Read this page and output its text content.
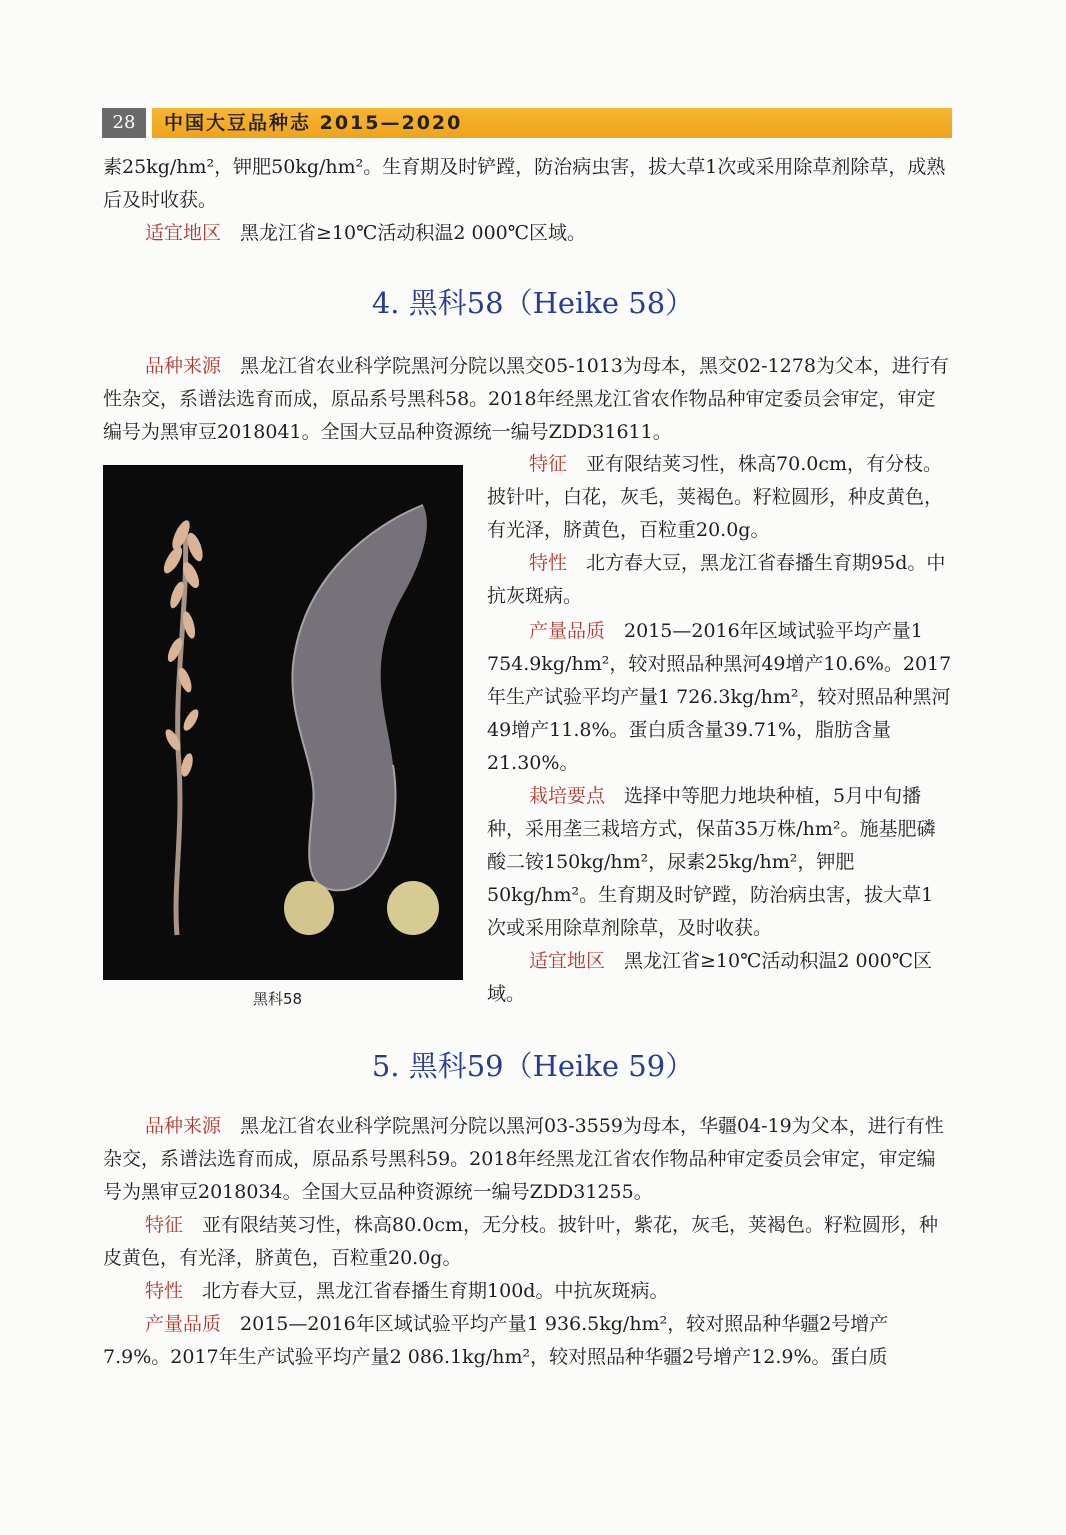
28	中国大豆品种志 2015—2020

素25kg/hm²，钾肥50kg/hm²。生育期及时铲蹚，防治病虫害，拔大草1次或采用除草剂除草，成熟后及时收获。

适宜地区  黑龙江省≥10℃活动积温2 000℃区域。

4. 黑科58（Heike 58）

品种来源  黑龙江省农业科学院黑河分院以黑交05-1013为母本，黑交02-1278为父本，进行有性杂交，系谱法选育而成，原品系号黑科58。2018年经黑龙江省农作物品种审定委员会审定，审定编号为黑审豆2018041。全国大豆品种资源统一编号ZDD31611。

黑科58

特征  亚有限结荚习性，株高70.0cm，有分枝。披针叶，白花，灰毛，荚褐色。籽粒圆形，种皮黄色，有光泽，脐黄色，百粒重20.0g。

特性  北方春大豆，黑龙江省春播生育期95d。中抗灰斑病。

产量品质  2015—2016年区域试验平均产量1 754.9kg/hm²，较对照品种黑河49增产10.6%。2017年生产试验平均产量1 726.3kg/hm²，较对照品种黑河49增产11.8%。蛋白质含量39.71%，脂肪含量21.30%。

栽培要点  选择中等肥力地块种植，5月中旬播种，采用垄三栽培方式，保苗35万株/hm²。施基肥磷酸二铵150kg/hm²，尿素25kg/hm²，钾肥50kg/hm²。生育期及时铲蹚，防治病虫害，拔大草1次或采用除草剂除草，及时收获。

适宜地区  黑龙江省≥10℃活动积温2 000℃区域。

5. 黑科59（Heike 59）

品种来源  黑龙江省农业科学院黑河分院以黑河03-3559为母本，华疆04-19为父本，进行有性杂交，系谱法选育而成，原品系号黑科59。2018年经黑龙江省农作物品种审定委员会审定，审定编号为黑审豆2018034。全国大豆品种资源统一编号ZDD31255。

特征  亚有限结荚习性，株高80.0cm，无分枝。披针叶，紫花，灰毛，荚褐色。籽粒圆形，种皮黄色，有光泽，脐黄色，百粒重20.0g。

特性  北方春大豆，黑龙江省春播生育期100d。中抗灰斑病。

产量品质  2015—2016年区域试验平均产量1 936.5kg/hm²，较对照品种华疆2号增产7.9%。2017年生产试验平均产量2 086.1kg/hm²，较对照品种华疆2号增产12.9%。蛋白质
